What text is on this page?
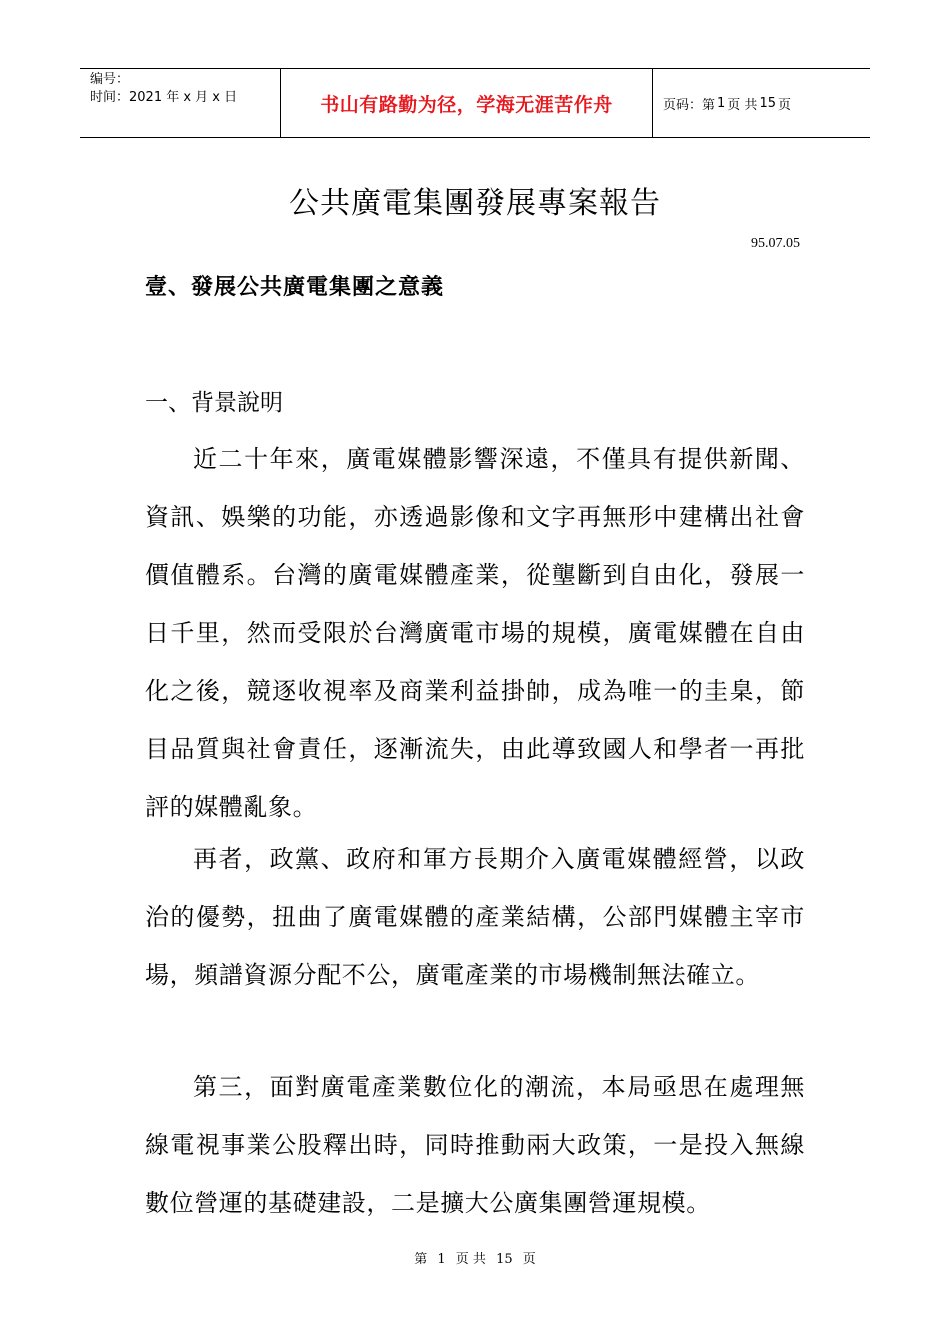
编号：
时间：2021 年 x 月 x 日	书山有路勤为径，学海无涯苦作舟	页码：第 1 页 共 15 页
公共廣電集團發展專案報告
95.07.05
壹、發展公共廣電集團之意義
一、背景說明
近二十年來，廣電媒體影響深遠，不僅具有提供新聞、資訊、娛樂的功能，亦透過影像和文字再無形中建構出社會價值體系。台灣的廣電媒體產業，從壟斷到自由化，發展一日千里，然而受限於台灣廣電市場的規模，廣電媒體在自由化之後，競逐收視率及商業利益掛帥，成為唯一的圭臬，節目品質與社會責任，逐漸流失，由此導致國人和學者一再批評的媒體亂象。
再者，政黨、政府和軍方長期介入廣電媒體經營，以政治的優勢，扭曲了廣電媒體的產業結構，公部門媒體主宰市場，頻譜資源分配不公，廣電產業的市場機制無法確立。
第三，面對廣電產業數位化的潮流，本局亟思在處理無線電視事業公股釋出時，同時推動兩大政策，一是投入無線數位營運的基礎建設，二是擴大公廣集團營運規模。
第 1 页 共 15 页
